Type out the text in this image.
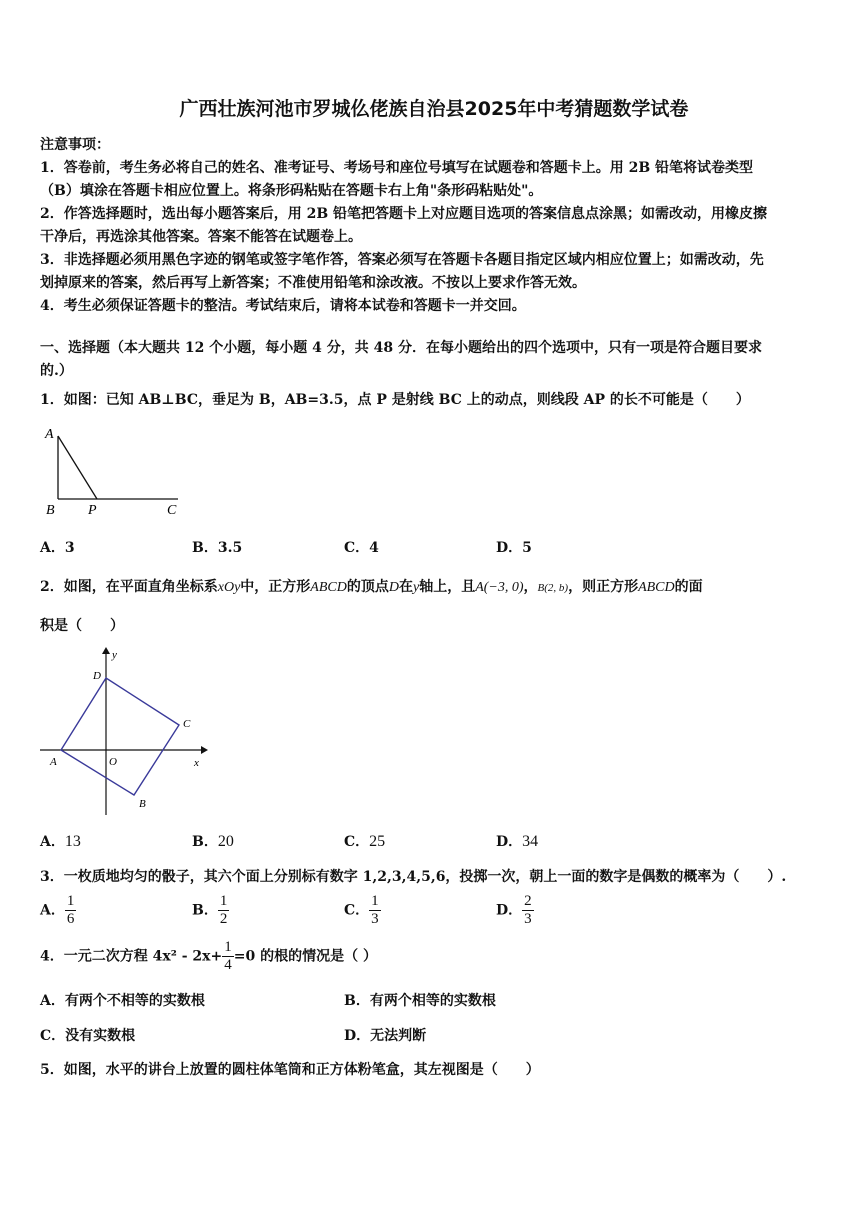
广西壮族河池市罗城仫佬族自治县2025年中考猜题数学试卷
注意事项：
1．答卷前，考生务必将自己的姓名、准考证号、考场号和座位号填写在试题卷和答题卡上。用 2B 铅笔将试卷类型
（B）填涂在答题卡相应位置上。将条形码粘贴在答题卡右上角"条形码粘贴处"。
2．作答选择题时，选出每小题答案后，用 2B 铅笔把答题卡上对应题目选项的答案信息点涂黑；如需改动，用橡皮擦
干净后，再选涂其他答案。答案不能答在试题卷上。
3．非选择题必须用黑色字迹的钢笔或签字笔作答，答案必须写在答题卡各题目指定区域内相应位置上；如需改动，先
划掉原来的答案，然后再写上新答案；不准使用铅笔和涂改液。不按以上要求作答无效。
4．考生必须保证答题卡的整洁。考试结束后，请将本试卷和答题卡一并交回。
一、选择题（本大题共 12 个小题，每小题 4 分，共 48 分．在每小题给出的四个选项中，只有一项是符合题目要求
的.）
1．如图：已知 AB⊥BC，垂足为 B，AB=3.5，点 P 是射线 BC 上的动点，则线段 AP 的长不可能是（　　）
A
B P	C
A．3	B．3.5	C．4	D．5
2．如图，在平面直角坐标系xOy中，正方形ABCD的顶点D在y轴上，且A(−3, 0)，B(2, b)，则正方形ABCD的面
积是（　　）
D
y
C
A	O	x
B
A．13	B．20	C．25	D．34
3．一枚质地均匀的骰子，其六个面上分别标有数字 1,2,3,4,5,6，投掷一次，朝上一面的数字是偶数的概率为（　　）.
A． $\frac{1}{6}$	B． $\frac{1}{2}$	C． $\frac{1}{3}$	D． $\frac{2}{3}$
4．一元二次方程 $4x^2 - 2x+ \frac{1}{4} =0$ 的根的情况是（ ）
A．有两个不相等的实数根	B．有两个相等的实数根
C．没有实数根	D．无法判断
5．如图，水平的讲台上放置的圆柱体笔筒和正方体粉笔盒，其左视图是（　　）
